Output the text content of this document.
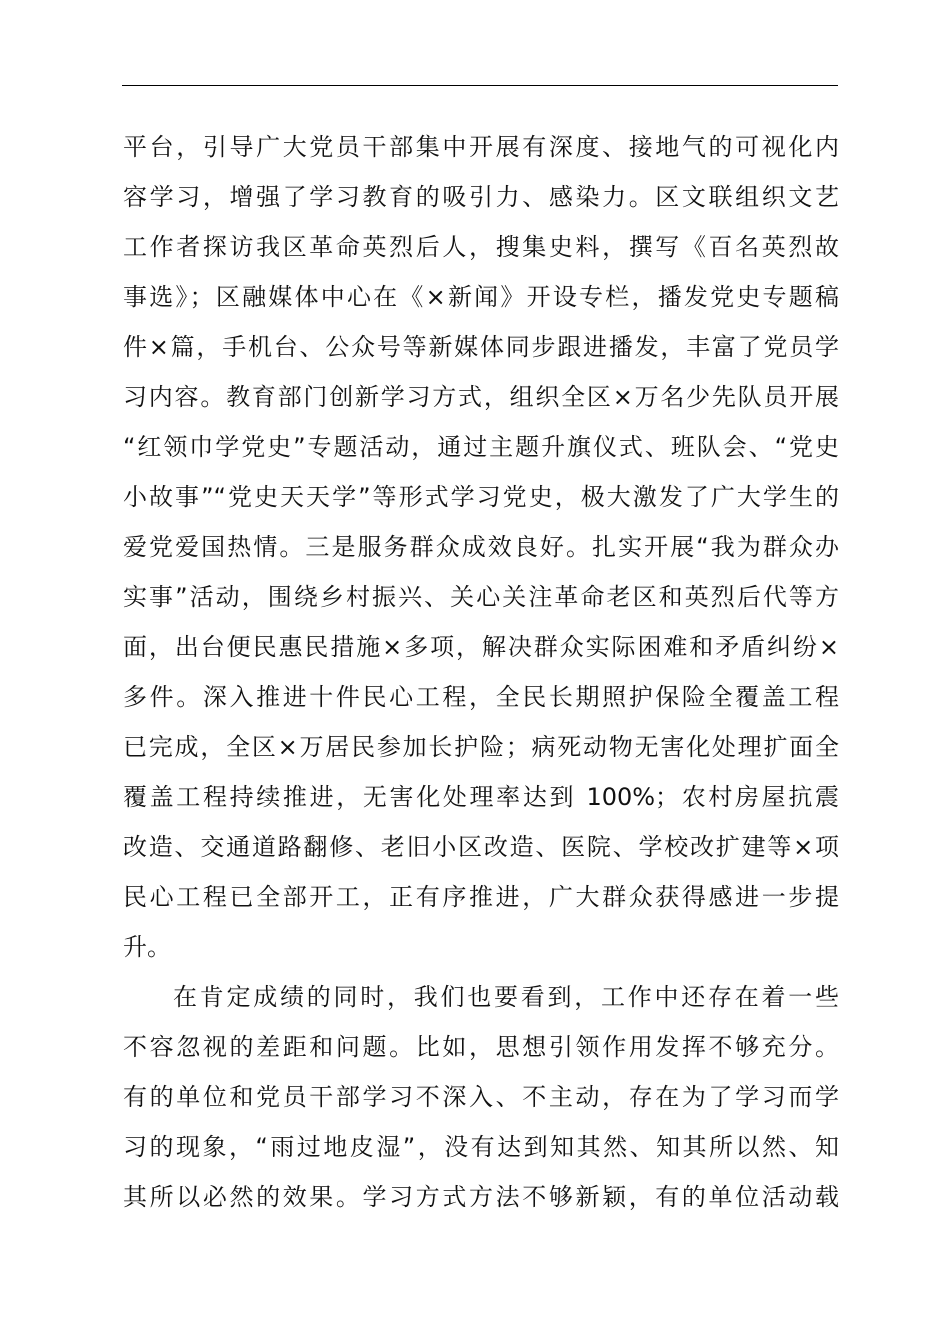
平台，引导广大党员干部集中开展有深度、接地气的可视化内
容学习，增强了学习教育的吸引力、感染力。区文联组织文艺
工作者探访我区革命英烈后人，搜集史料，撰写《百名英烈故
事选》；区融媒体中心在《×新闻》开设专栏，播发党史专题稿
件×篇，手机台、公众号等新媒体同步跟进播发，丰富了党员学
习内容。教育部门创新学习方式，组织全区×万名少先队员开展
“红领巾学党史”专题活动，通过主题升旗仪式、班队会、“党史
小故事”“党史天天学”等形式学习党史，极大激发了广大学生的
爱党爱国热情。三是服务群众成效良好。扎实开展“我为群众办
实事”活动，围绕乡村振兴、关心关注革命老区和英烈后代等方
面，出台便民惠民措施×多项，解决群众实际困难和矛盾纠纷×
多件。深入推进十件民心工程，全民长期照护保险全覆盖工程
已完成，全区×万居民参加长护险；病死动物无害化处理扩面全
覆盖工程持续推进，无害化处理率达到 100%；农村房屋抗震
改造、交通道路翻修、老旧小区改造、医院、学校改扩建等×项
民心工程已全部开工，正有序推进，广大群众获得感进一步提
升。
在肯定成绩的同时，我们也要看到，工作中还存在着一些
不容忽视的差距和问题。比如，思想引领作用发挥不够充分。
有的单位和党员干部学习不深入、不主动，存在为了学习而学
习的现象，“雨过地皮湿”，没有达到知其然、知其所以然、知
其所以必然的效果。学习方式方法不够新颖，有的单位活动载
